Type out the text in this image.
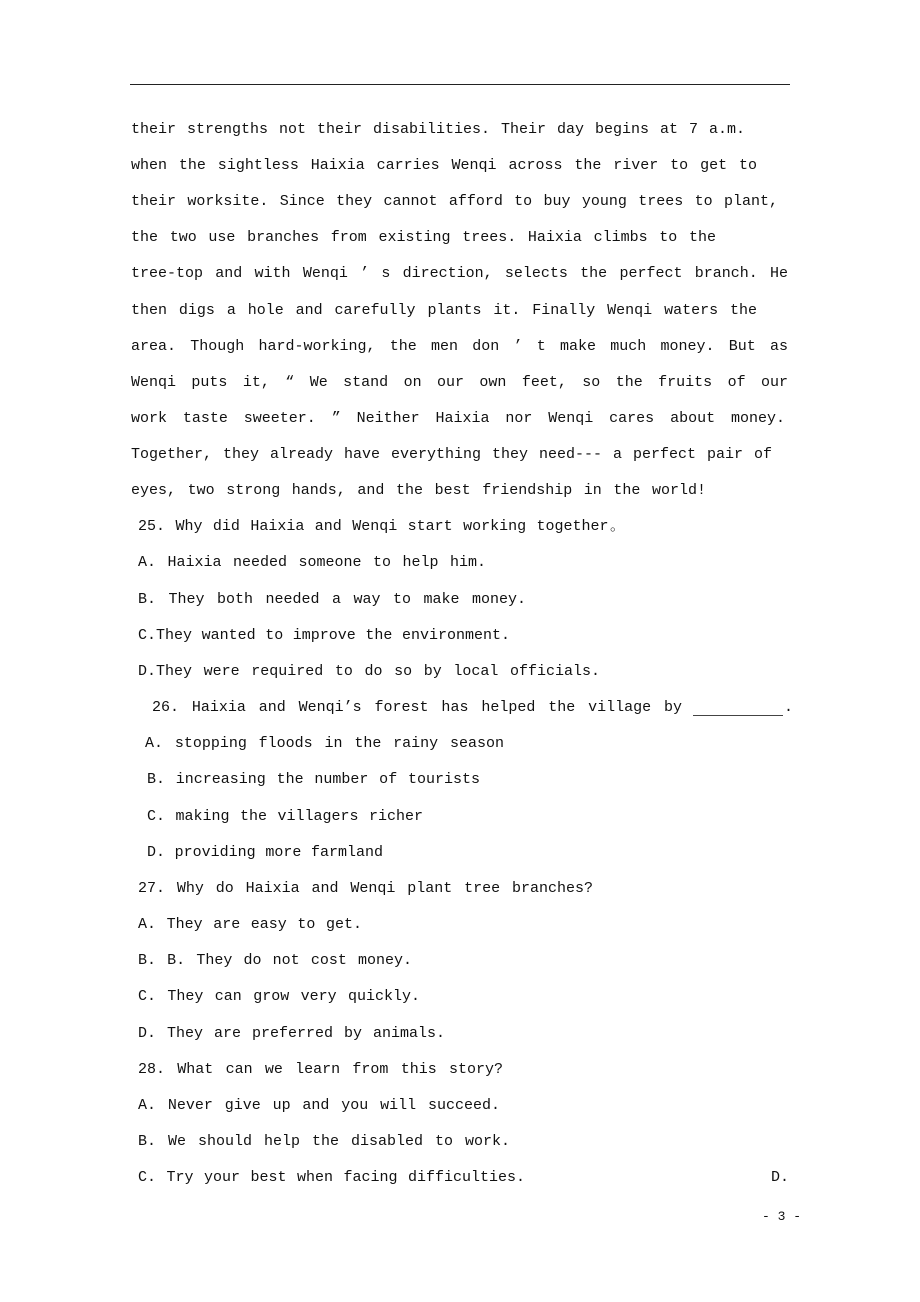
their strengths not their disabilities. Their day begins at 7 a.m.
when the sightless Haixia carries Wenqi across the river to get to
their worksite. Since they cannot afford to buy young trees to plant,
the two use branches from existing trees. Haixia climbs to the
tree-top and with Wenqi ’ s direction, selects the perfect branch. He
then digs a hole and carefully plants it. Finally Wenqi waters the
area. Though hard-working, the men don ’ t make much money. But as
Wenqi puts it, “ We stand on our own feet, so the fruits of our
work taste sweeter. ” Neither Haixia nor Wenqi cares about money.
Together, they already have everything they need--- a perfect pair of
eyes, two strong hands, and the best friendship in the world!
25. Why did Haixia and Wenqi start working together。
A. Haixia needed someone to help him.
B. They both needed a way to make money.
C.They wanted to improve the environment.
D.They were required to do so by local officials.
26. Haixia and Wenqi’s forest has helped the village by	.
A. stopping floods in the rainy season
B. increasing the number of tourists
C. making the villagers richer
D. providing more farmland
27. Why do Haixia and Wenqi plant tree branches?
A. They are easy to get.
B. B. They do not cost money.
C. They can grow very quickly.
D. They are preferred by animals.
28. What can we learn from this story?
A. Never give up and you will succeed.
B. We should help the disabled to work.
C. Try your best when facing difficulties.	D.
- 3 -
